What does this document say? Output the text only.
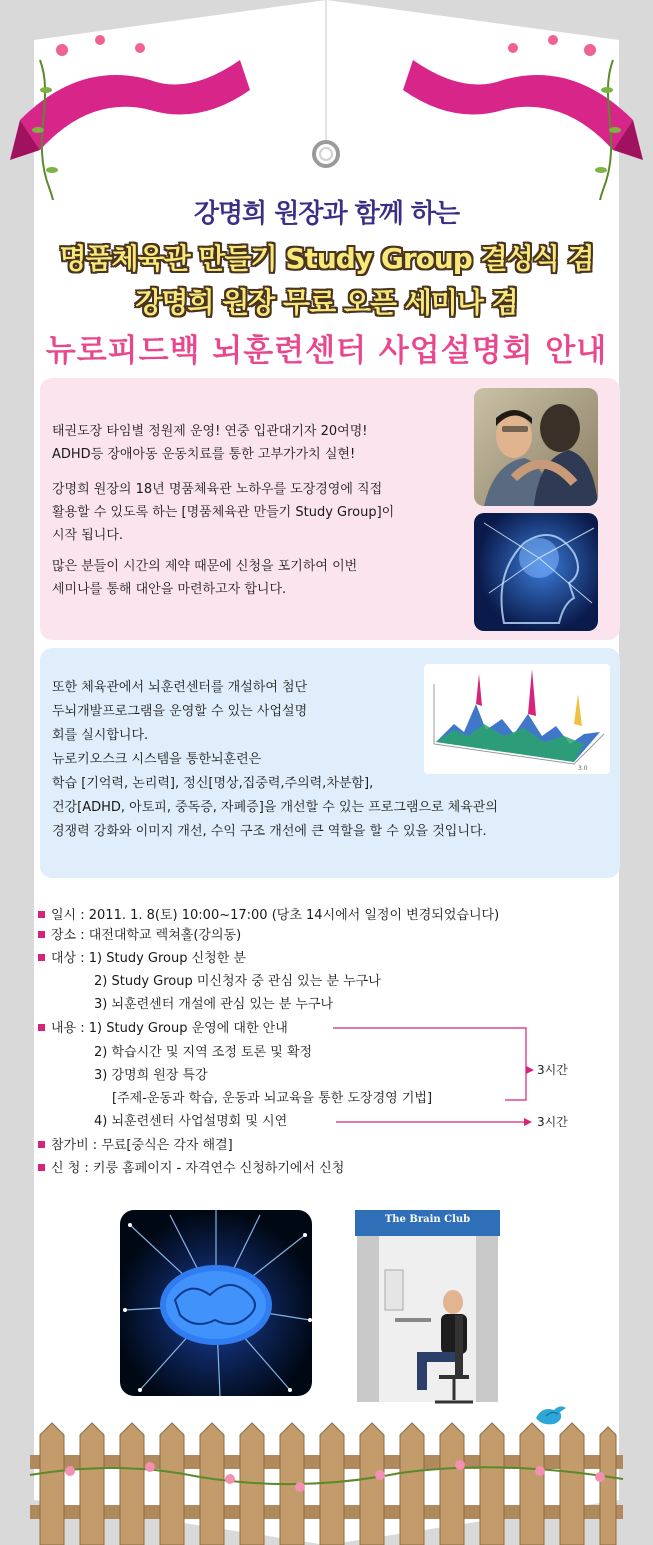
강명희 원장과 함께 하는
명품체육관 만들기 Study Group 결성식 겸
강명희 원장 무료 오픈 세미나 겸
뉴로피드백 뇌훈련센터 사업설명회 안내
태권도장 타임별 정원제 운영! 연중 입관대기자 20여명!
ADHD등 장애아동 운동치료를 통한 고부가가치 실현!
강명희 원장의 18년 명품체육관 노하우를 도장경영에 직접
활용할 수 있도록 하는 [명품체육관 만들기 Study Group]이
시작 됩니다.
많은 분들이 시간의 제약 때문에 신청을 포기하여 이번
세미나를 통해 대안을 마련하고자 합니다.
또한 체육관에서 뇌훈련센터를 개설하여 첨단
두뇌개발프로그램을 운영할 수 있는 사업설명
회를 실시합니다.
뉴로키오스크 시스템을 통한뇌훈련은
학습 [기억력, 논리력], 정신[명상,집중력,주의력,차분함],
건강[ADHD, 아토피, 중독증, 자폐증]을 개선할 수 있는 프로그램으로 체육관의
경쟁력 강화와 이미지 개선, 수익 구조 개선에 큰 역할을 할 수 있을 것입니다.
3.0
일시 : 2011. 1. 8(토) 10:00~17:00 (당초 14시에서 일정이 변경되었습니다)
장소 : 대전대학교 렉쳐홀(강의동)
대상 : 1) Study Group 신청한 분
2) Study Group 미신청자 중 관심 있는 분 누구나
3) 뇌훈련센터 개설에 관심 있는 분 누구나
내용 : 1) Study Group 운영에 대한 안내
2) 학습시간 및 지역 조정 토론 및 확정
3) 강명희 원장 특강
[주제-운동과 학습, 운동과 뇌교육을 통한 도장경영 기법]
4) 뇌훈련센터 사업설명회 및 시연
3시간
3시간
참가비 : 무료[중식은 각자 해결]
신 청 : 키룽 홈페이지 - 자격연수 신청하기에서 신청
The Brain Club
